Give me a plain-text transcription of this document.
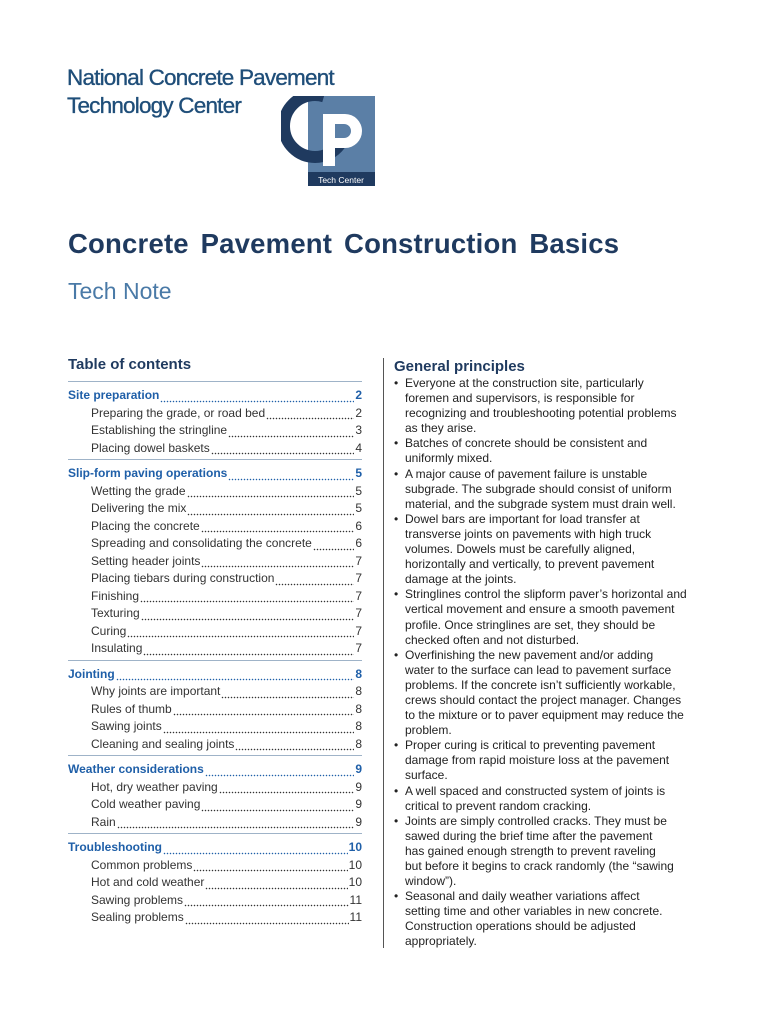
National Concrete Pavement
Technology Center
Tech Center
Concrete Pavement Construction Basics
Tech Note
Table of contents
Site preparation	2
Preparing the grade, or road bed	2
Establishing the stringline	3
Placing dowel baskets	4
Slip-form paving operations	5
Wetting the grade	5
Delivering the mix	5
Placing the concrete	6
Spreading and consolidating the concrete	6
Setting header joints	7
Placing tiebars during construction	7
Finishing	7
Texturing	7
Curing	7
Insulating	7
Jointing	8
Why joints are important	8
Rules of thumb	8
Sawing joints	8
Cleaning and sealing joints	8
Weather considerations	9
Hot, dry weather paving	9
Cold weather paving	9
Rain	9
Troubleshooting	10
Common problems	10
Hot and cold weather	10
Sawing problems	11
Sealing problems	11
General principles
• Everyone at the construction site, particularly
foremen and supervisors, is responsible for
recognizing and troubleshooting potential problems
as they arise.
• Batches of concrete should be consistent and
uniformly mixed.
• A major cause of pavement failure is unstable
subgrade. The subgrade should consist of uniform
material, and the subgrade system must drain well.
• Dowel bars are important for load transfer at
transverse joints on pavements with high truck
volumes. Dowels must be carefully aligned,
horizontally and vertically, to prevent pavement
damage at the joints.
• Stringlines control the slipform paver’s horizontal and
vertical movement and ensure a smooth pavement
profile. Once stringlines are set, they should be
checked often and not disturbed.
• Overfinishing the new pavement and/or adding
water to the surface can lead to pavement surface
problems. If the concrete isn’t sufficiently workable,
crews should contact the project manager. Changes
to the mixture or to paver equipment may reduce the
problem.
• Proper curing is critical to preventing pavement
damage from rapid moisture loss at the pavement
surface.
• A well spaced and constructed system of joints is
critical to prevent random cracking.
• Joints are simply controlled cracks. They must be
sawed during the brief time after the pavement
has gained enough strength to prevent raveling
but before it begins to crack randomly (the “sawing
window”).
• Seasonal and daily weather variations affect
setting time and other variables in new concrete.
Construction operations should be adjusted
appropriately.
